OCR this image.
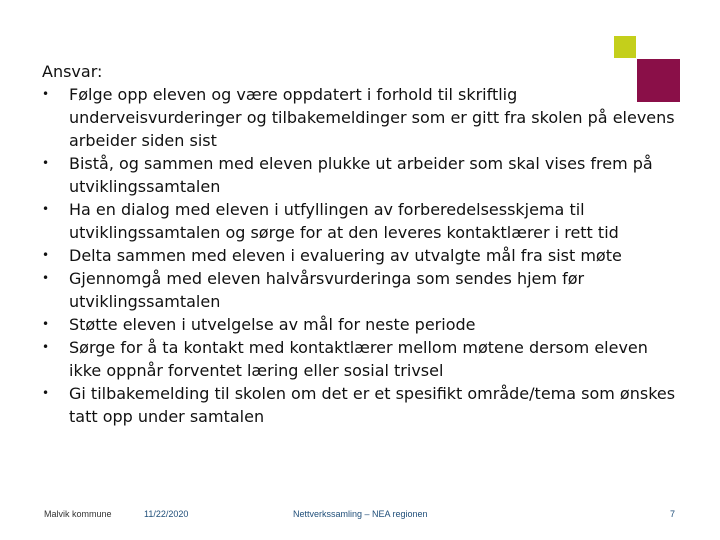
Ansvar:

• Følge opp eleven og være oppdatert i forhold til skriftlig underveisvurderinger og tilbakemeldinger som er gitt fra skolen på elevens arbeider siden sist
• Bistå, og sammen med eleven plukke ut arbeider som skal vises frem på utviklingssamtalen
• Ha en dialog med eleven i utfyllingen av forberedelsesskjema til utviklingssamtalen og sørge for at den leveres kontaktlærer i rett tid
• Delta sammen med eleven i evaluering av utvalgte mål fra sist møte
• Gjennomgå med eleven halvårsvurderinga som sendes hjem før utviklingssamtalen
• Støtte eleven i utvelgelse av mål for neste periode
• Sørge for å ta kontakt med kontaktlærer mellom møtene dersom eleven ikke oppnår forventet læring eller sosial trivsel
• Gi tilbakemelding til skolen om det er et spesifikt område/tema som ønskes tatt opp under samtalen
Malvik kommune	11/22/2020	Nettverkssamling – NEA regionen	7
